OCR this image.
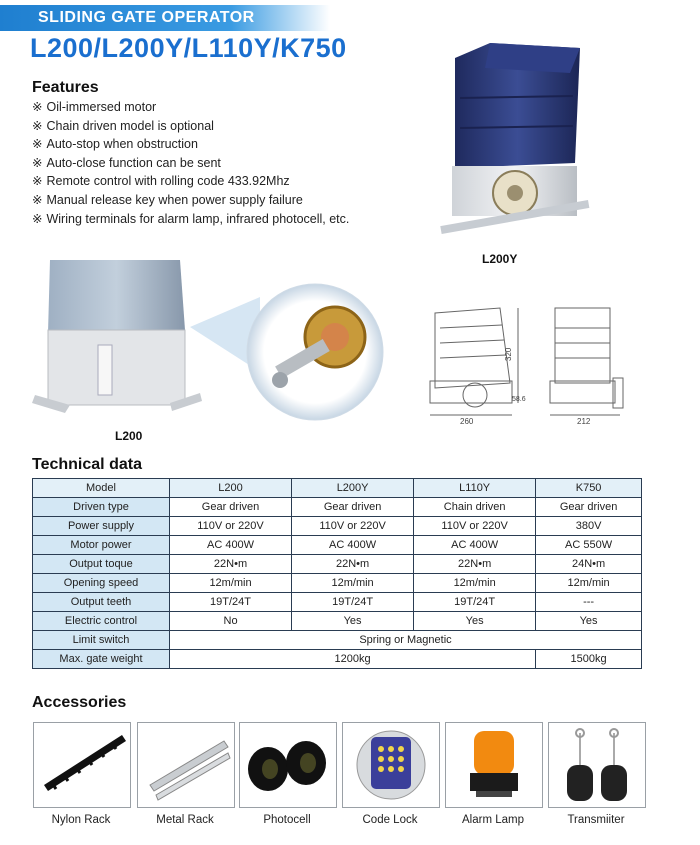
SLIDING GATE OPERATOR
L200/L200Y/L110Y/K750
Features
※ Oil-immersed motor
※ Chain driven model is optional
※ Auto-stop when obstruction
※ Auto-close function can be sent
※ Remote control with rolling code 433.92Mhz
※ Manual release key when power supply failure
※ Wiring terminals for alarm lamp, infrared photocell, etc.
L200Y
L200
320
58.6
260	212
Technical data
Model	L200	L200Y	L110Y	K750
Driven type	Gear driven	Gear driven	Chain driven	Gear driven
Power supply	110V or 220V	110V or 220V	110V or 220V	380V
Motor power	AC 400W	AC 400W	AC 400W	AC 550W
Output toque	22N•m	22N•m	22N•m	24N•m
Opening speed	12m/min	12m/min	12m/min	12m/min
Output teeth	19T/24T	19T/24T	19T/24T	---
Electric control	No	Yes	Yes	Yes
Limit switch	Spring or Magnetic			
Max. gate weight	1200kg			1500kg
Accessories
Nylon Rack	Metal Rack	Photocell	Code Lock	Alarm Lamp	Transmiiter
